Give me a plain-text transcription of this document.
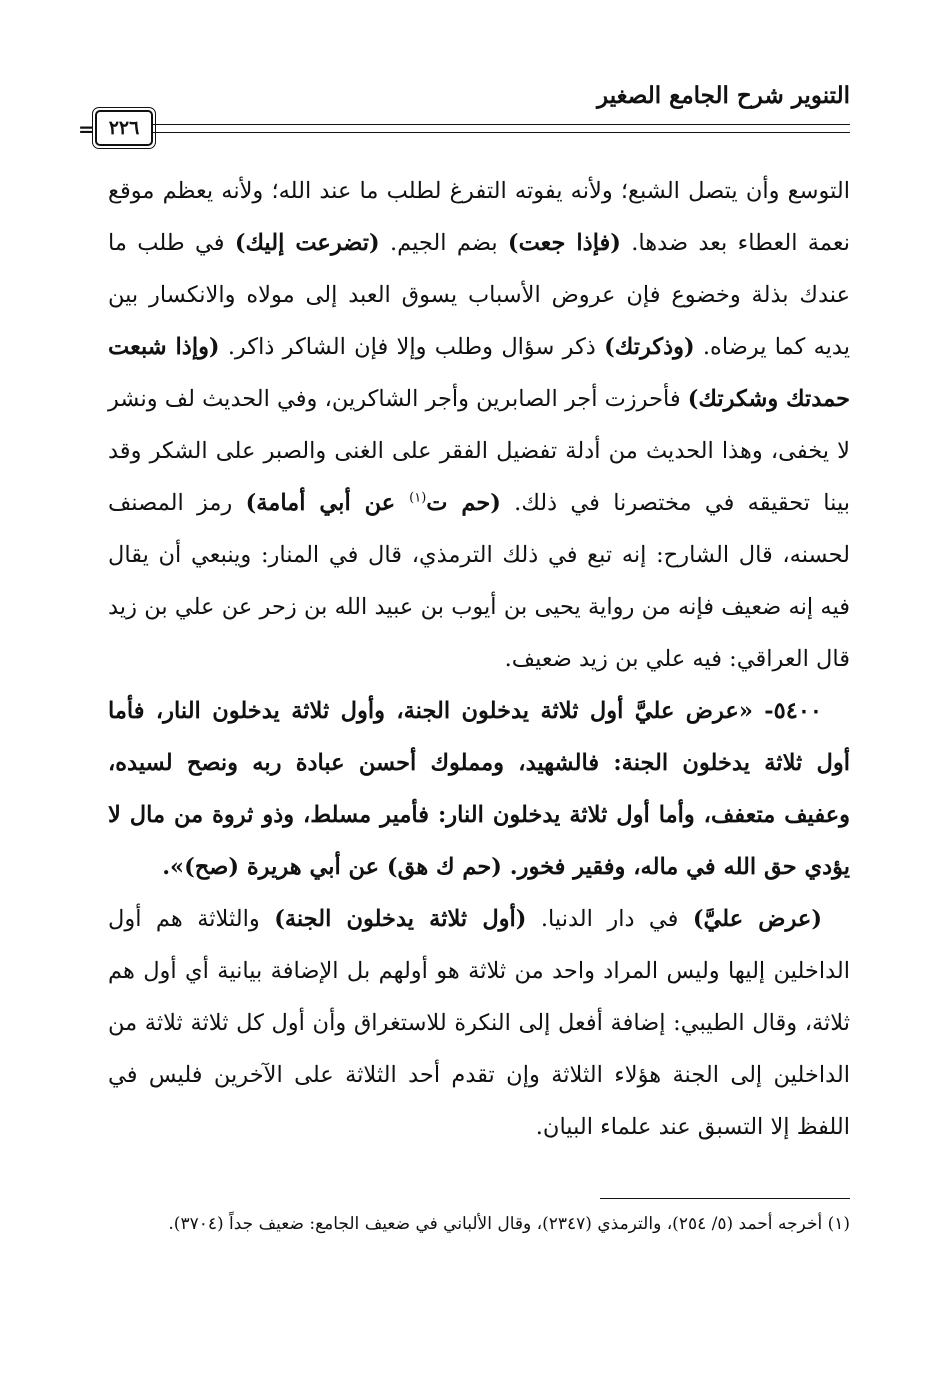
التنوير شرح الجامع الصغير
= ٢٢٦

التوسع وأن يتصل الشبع؛ ولأنه يفوته التفرغ لطلب ما عند الله؛ ولأنه يعظم موقع نعمة العطاء بعد ضدها. (فإذا جعت) بضم الجيم. (تضرعت إليك) في طلب ما عندك بذلة وخضوع فإن عروض الأسباب يسوق العبد إلى مولاه والانكسار بين يديه كما يرضاه. (وذكرتك) ذكر سؤال وطلب وإلا فإن الشاكر ذاكر. (وإذا شبعت حمدتك وشكرتك) فأحرزت أجر الصابرين وأجر الشاكرين، وفي الحديث لف ونشر لا يخفى، وهذا الحديث من أدلة تفضيل الفقر على الغنى والصبر على الشكر وقد بينا تحقيقه في مختصرنا في ذلك. (حم ت$^{(١)}$ عن أبي أمامة) رمز المصنف لحسنه، قال الشارح: إنه تبع في ذلك الترمذي، قال في المنار: وينبعي أن يقال فيه إنه ضعيف فإنه من رواية يحيى بن أيوب بن عبيد الله بن زحر عن علي بن زيد قال العراقي: فيه علي بن زيد ضعيف.

٥٤٠٠- «عرض عليَّ أول ثلاثة يدخلون الجنة، وأول ثلاثة يدخلون النار، فأما أول ثلاثة يدخلون الجنة: فالشهيد، ومملوك أحسن عبادة ربه ونصح لسيده، وعفيف متعفف، وأما أول ثلاثة يدخلون النار: فأمير مسلط، وذو ثروة من مال لا يؤدي حق الله في ماله، وفقير فخور. (حم ك هق) عن أبي هريرة (صح)».

(عرض عليَّ) في دار الدنيا. (أول ثلاثة يدخلون الجنة) والثلاثة هم أول الداخلين إليها وليس المراد واحد من ثلاثة هو أولهم بل الإضافة بيانية أي أول هم ثلاثة، وقال الطيبي: إضافة أفعل إلى النكرة للاستغراق وأن أول كل ثلاثة ثلاثة من الداخلين إلى الجنة هؤلاء الثلاثة وإن تقدم أحد الثلاثة على الآخرين فليس في اللفظ إلا التسبق عند علماء البيان.

(١) أخرجه أحمد (٥/ ٢٥٤)، والترمذي (٢٣٤٧)، وقال الألباني في ضعيف الجامع: ضعيف جداً (٣٧٠٤).
